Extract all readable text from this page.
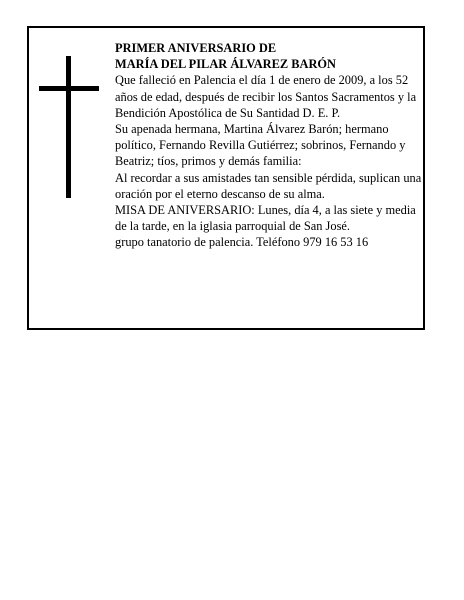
PRIMER ANIVERSARIO DE
MARÍA DEL PILAR ÁLVAREZ BARÓN

Que falleció en Palencia el día 1 de enero de 2009, a los 52 años de edad, después de recibir los Santos Sacramentos y la Bendición Apostólica de Su Santidad D. E. P.

Su apenada hermana, Martina Álvarez Barón; hermano político, Fernando Revilla Gutiérrez; sobrinos, Fernando y Beatriz; tíos, primos y demás familia:

Al recordar a sus amistades tan sensible pérdida, suplican una oración por el eterno descanso de su alma.

MISA DE ANIVERSARIO: Lunes, día 4, a las siete y media de la tarde, en la iglasia parroquial de San José.

grupo tanatorio de palencia. Teléfono 979 16 53 16
